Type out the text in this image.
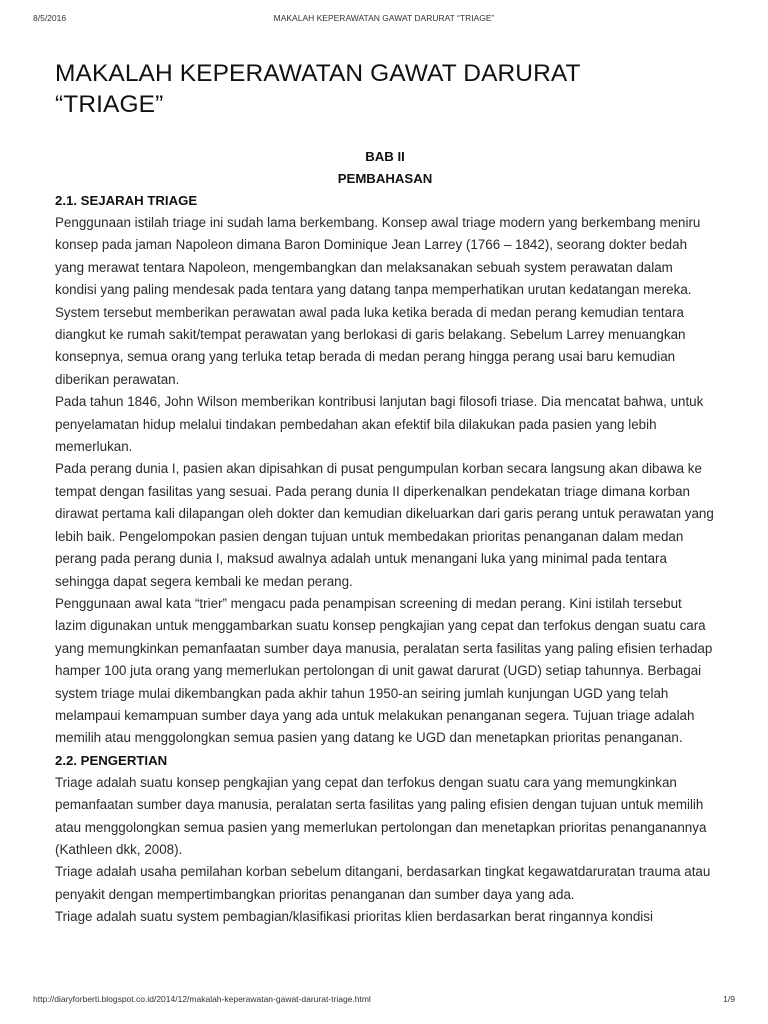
8/5/2016	MAKALAH KEPERAWATAN GAWAT DARURAT “TRIAGE”
MAKALAH KEPERAWATAN GAWAT DARURAT
“TRIAGE”
BAB II
PEMBAHASAN
2.1. SEJARAH TRIAGE

Penggunaan istilah triage ini sudah lama berkembang. Konsep awal triage modern yang berkembang meniru konsep pada jaman Napoleon dimana Baron Dominique Jean Larrey (1766 – 1842), seorang dokter bedah yang merawat tentara Napoleon, mengembangkan dan melaksanakan sebuah system perawatan dalam kondisi yang paling mendesak pada tentara yang datang tanpa memperhatikan urutan kedatangan mereka. System tersebut memberikan perawatan awal pada luka ketika berada di medan perang kemudian tentara diangkut ke rumah sakit/tempat perawatan yang berlokasi di garis belakang. Sebelum Larrey menuangkan konsepnya, semua orang yang terluka tetap berada di medan perang hingga perang usai baru kemudian diberikan perawatan.

Pada tahun 1846, John Wilson memberikan kontribusi lanjutan bagi filosofi triase. Dia mencatat bahwa, untuk penyelamatan hidup melalui tindakan pembedahan akan efektif bila dilakukan pada pasien yang lebih memerlukan.

Pada perang dunia I, pasien akan dipisahkan di pusat pengumpulan korban secara langsung akan dibawa ke tempat dengan fasilitas yang sesuai. Pada perang dunia II diperkenalkan pendekatan triage dimana korban dirawat pertama kali dilapangan oleh dokter dan kemudian dikeluarkan dari garis perang untuk perawatan yang lebih baik. Pengelompokan pasien dengan tujuan untuk membedakan prioritas penanganan dalam medan perang pada perang dunia I, maksud awalnya adalah untuk menangani luka yang minimal pada tentara sehingga dapat segera kembali ke medan perang.

Penggunaan awal kata “trier” mengacu pada penampisan screening di medan perang. Kini istilah tersebut lazim digunakan untuk menggambarkan suatu konsep pengkajian yang cepat dan terfokus dengan suatu cara yang memungkinkan pemanfaatan sumber daya manusia, peralatan serta fasilitas yang paling efisien terhadap hamper 100 juta orang yang memerlukan pertolongan di unit gawat darurat (UGD) setiap tahunnya. Berbagai system triage mulai dikembangkan pada akhir tahun 1950-an seiring jumlah kunjungan UGD yang telah melampaui kemampuan sumber daya yang ada untuk melakukan penanganan segera. Tujuan triage adalah memilih atau menggolongkan semua pasien yang datang ke UGD dan menetapkan prioritas penanganan.

2.2. PENGERTIAN

Triage adalah suatu konsep pengkajian yang cepat dan terfokus dengan suatu cara yang memungkinkan pemanfaatan sumber daya manusia, peralatan serta fasilitas yang paling efisien dengan tujuan untuk memilih atau menggolongkan semua pasien yang memerlukan pertolongan dan menetapkan prioritas penanganannya (Kathleen dkk, 2008).

Triage adalah usaha pemilahan korban sebelum ditangani, berdasarkan tingkat kegawatdaruratan trauma atau penyakit dengan mempertimbangkan prioritas penanganan dan sumber daya yang ada.

Triage adalah suatu system pembagian/klasifikasi prioritas klien berdasarkan berat ringannya kondisi

http://diaryforberti.blogspot.co.id/2014/12/makalah-keperawatan-gawat-darurat-triage.html	1/9
